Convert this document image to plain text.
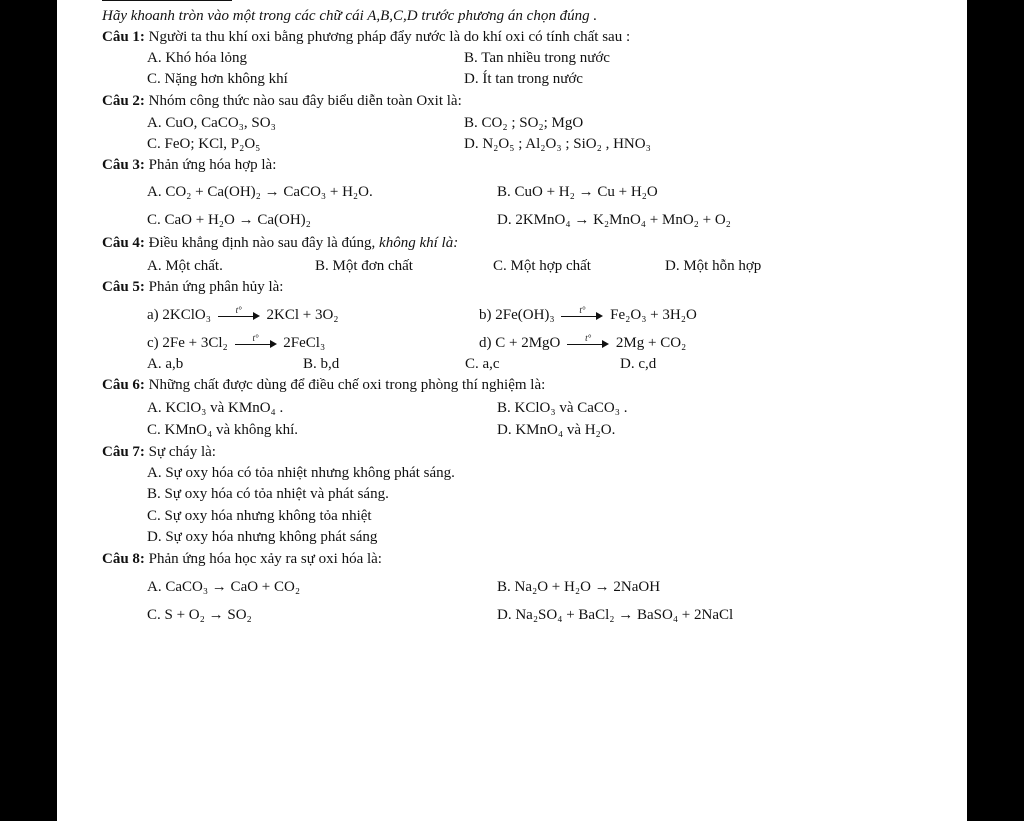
Hãy khoanh tròn vào một trong các chữ cái A,B,C,D trước phương án chọn đúng .
Câu 1: Người ta thu khí oxi bằng phương pháp đẩy nước là do khí oxi có tính chất sau :
A. Khó hóa lỏng	B. Tan nhiều trong nước
C. Nặng hơn không khí	D. Ít tan trong nước
Câu 2: Nhóm công thức nào sau đây biểu diễn toàn Oxit là:
A. CuO, CaCO₃, SO₃	B. CO₂ ; SO₂; MgO
C. FeO; KCl, P₂O₅	D. N₂O₅ ; Al₂O₃ ; SiO₂ , HNO₃
Câu 3: Phản ứng hóa hợp là:
A. CO₂ + Ca(OH)₂ → CaCO₃ + H₂O.	B. CuO + H₂ → Cu + H₂O
C. CaO + H₂O → Ca(OH)₂	D. 2KMnO₄ → K₂MnO₄ + MnO₂ + O₂
Câu 4: Điều khẳng định nào sau đây là đúng, không khí là:
A. Một chất.	B. Một đơn chất	C. Một hợp chất	D. Một hỗn hợp
Câu 5: Phản ứng phân hủy là:
a) 2KClO₃	t°	2KCl + 3O₂	b) 2Fe(OH)₃	t°	Fe₂O₃ + 3H₂O
c) 2Fe + 3Cl₂	t°	2FeCl₃	d) C + 2MgO	t°	2Mg + CO₂
A. a,b	B. b,d	C. a,c	D. c,d
Câu 6: Những chất được dùng để điều chế oxi trong phòng thí nghiệm là:
A. KClO₃ và KMnO₄ .	B. KClO₃ và CaCO₃ .
C. KMnO₄ và không khí.	D. KMnO₄ và H₂O.
Câu 7: Sự cháy là:
A. Sự oxy hóa có tỏa nhiệt nhưng không phát sáng.
B. Sự oxy hóa có tỏa nhiệt và phát sáng.
C. Sự oxy hóa nhưng không tỏa nhiệt
D. Sự oxy hóa nhưng không phát sáng
Câu 8: Phản ứng hóa học xảy ra sự oxi hóa là:
A. CaCO₃ → CaO + CO₂	B. Na₂O + H₂O → 2NaOH
C. S + O₂ → SO₂	D. Na₂SO₄ + BaCl₂ → BaSO₄ + 2NaCl
